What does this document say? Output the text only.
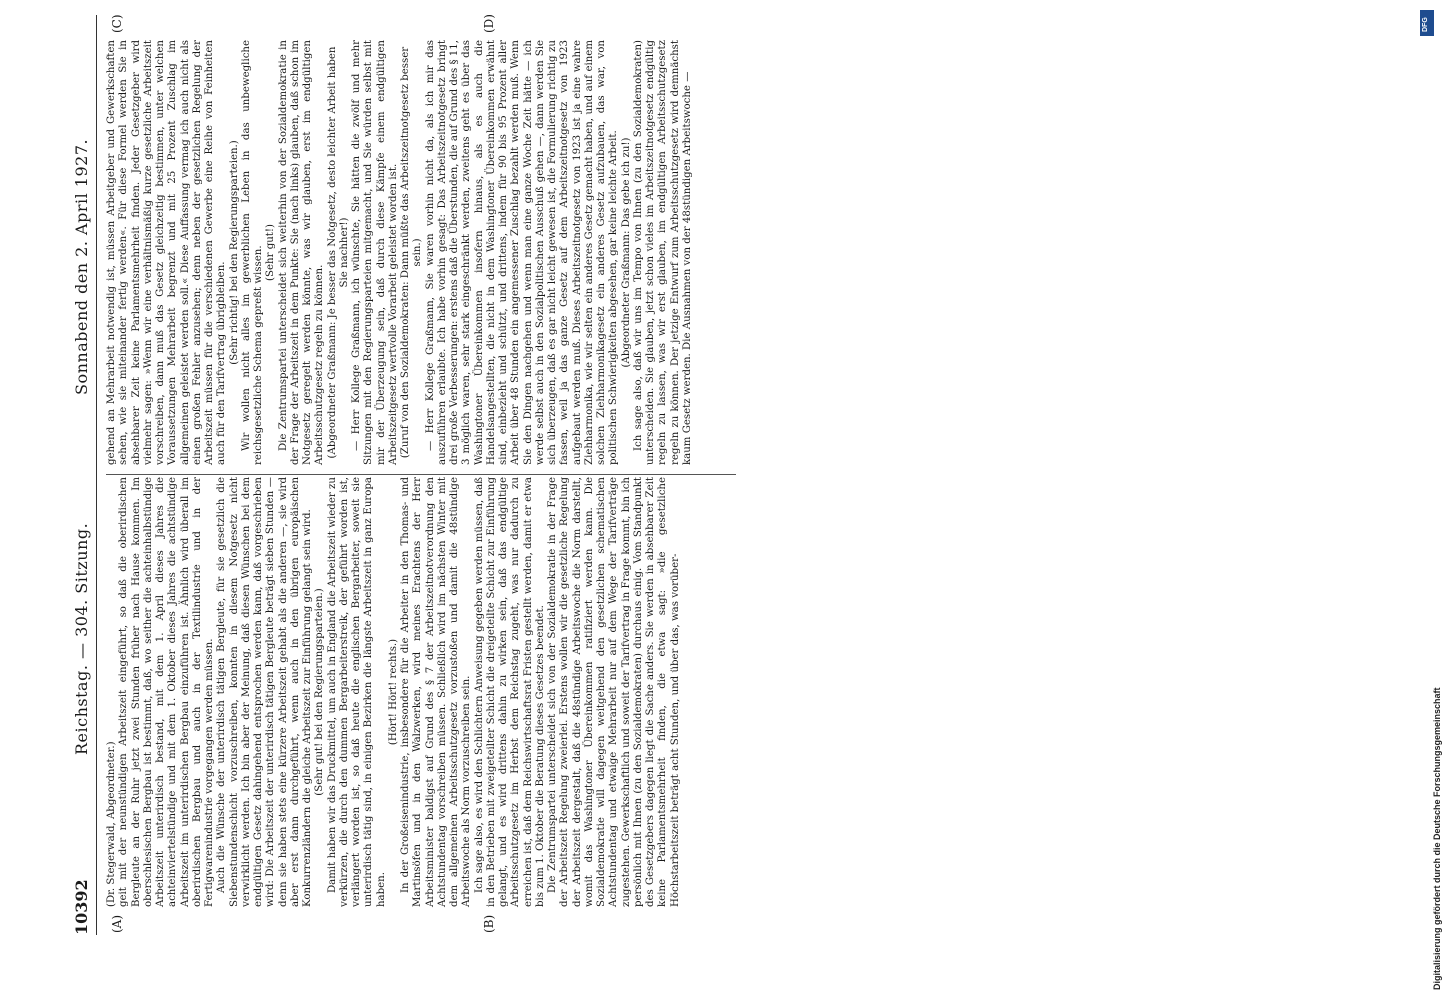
10392
Reichstag. — 304. Sitzung.
Sonnabend den 2. April 1927.
(A)	(B)
(C)	(D)

(Dr. Stegerwald, Abgeordneter.) geit mit der neunstündigen Arbeitszeit eingeführt, so daß die oberirdischen Bergleute an der Ruhr jetzt zwei Stunden früher nach Hause kommen. Im oberschlesischen Bergbau ist bestimmt, daß, wo seither die achteinhalbstündige Arbeitszeit unterirdisch bestand, mit dem 1. April dieses Jahres die achteinviertelstündige und mit dem 1. Oktober dieses Jahres die achtstündige Arbeitszeit im unterirdischen Bergbau einzuführen ist. Ähnlich wird überall im oberirdischen Bergbau und auch in der Textilindustrie und in der Fertigwarenindustrie vorgegangen werden müssen. Auch die Wünsche der unterirdisch tätigen Bergleute, für sie gesetzlich die Siebenstundenschicht vorzuschreiben, konnten in diesem Notgesetz nicht verwirklicht werden. Ich bin aber der Meinung, daß diesen Wünschen bei dem endgültigen Gesetz dahingehend entsprochen werden kann, daß vorgeschrieben wird: Die Arbeitszeit der unterirdisch tätigen Bergleute beträgt sieben Stunden — denn sie haben stets eine kürzere Arbeitszeit gehabt als die anderen —, sie wird aber erst dann durchgeführt, wenn auch in den übrigen europäischen Konkurrenzländern die gleiche Arbeitszeit zur Einführung gelangt sein wird. (Sehr gut! bei den Regierungsparteien.) Damit haben wir das Druckmittel, um auch in England die Arbeitszeit wieder zu verkürzen, die durch den dummen Bergarbeiterstreik, der geführt worden ist, verlängert worden ist, so daß heute die englischen Bergarbeiter, soweit sie unterirdisch tätig sind, in einigen Bezirken die längste Arbeitszeit in ganz Europa haben.

(Hört! Hört! rechts.) In der Großeisenindustrie, insbesondere für die Arbeiter in den Thomas- und Martinsöfen und in den Walzwerken, wird meines Erachtens der Herr Arbeitsminister baldigst auf Grund des § 7 der Arbeitszeitnotverordnung den Achtstundentag vorschreiben müssen. Schließlich wird im nächsten Winter mit dem allgemeinen Arbeitsschutzgesetz vorzustoßen und damit die 48stündige Arbeitswoche als Norm vorzuschreiben sein. Ich sage also, es wird den Schlichtern Anweisung gegeben werden müssen, daß in den Betrieben mit zweigeteilter Schicht die dreigeteilte Schicht zur Einführung gelangt, und es wird drittens dahin zu wirken sein, daß das endgültige Arbeitsschutzgesetz im Herbst dem Reichstag zugeht, was nur dadurch zu erreichen ist, daß dem Reichswirtschaftsrat Fristen gestellt werden, damit er etwa bis zum 1. Oktober die Beratung dieses Gesetzes beendet. Die Zentrumspartei unterscheidet sich von der Sozialdemokratie in der Frage der Arbeitszeit Regelung zweierlei. Erstens wollen wir die gesetzliche Regelung der Arbeitszeit dergestalt, daß die 48stündige Arbeitswoche die Norm darstellt, womit das Washingtoner Übereinkommen ratifiziert werden kann. Die Sozialdemokratie will dagegen weitgehend den gesetzlichen schematischen Achtstundentag und etwaige Mehrarbeit nur auf dem Wege der Tarifverträge zugestehen. Gewerkschaftlich und soweit der Tarifvertrag in Frage kommt, bin ich persönlich mit Ihnen (zu den Sozialdemokraten) durchaus einig. Vom Standpunkt des Gesetzgebers dagegen liegt die Sache anders. Sie werden in absehbarer Zeit keine Parlamentsmehrheit finden, die etwa sagt: »die gesetzliche Höchstarbeitszeit beträgt acht Stunden, und über das, was vorüber-

gehend an Mehrarbeit notwendig ist, müssen Arbeitgeber und Gewerkschaften sehen, wie sie miteinander fertig werden«. Für diese Formel werden Sie in absehbarer Zeit keine Parlamentsmehrheit finden. Jeder Gesetzgeber wird vielmehr sagen: »Wenn wir eine verhältnismäßig kurze gesetzliche Arbeitszeit vorschreiben, dann muß das Gesetz gleichzeitig bestimmen, unter welchen Voraussetzungen Mehrarbeit begrenzt und mit 25 Prozent Zuschlag im allgemeinen geleistet werden soll.« Diese Auffassung vermag ich auch nicht als einen großen Fehler anzusehen; denn neben der gesetzlichen Regelung der Arbeitszeit müssen für die verschiedenen Gewerbe eine Reihe von Feinheiten auch für den Tarifvertrag übrigbleiben. (Sehr richtig! bei den Regierungsparteien.) Wir wollen nicht alles im gewerblichen Leben in das unbewegliche reichsgesetzliche Schema gepreßt wissen. (Sehr gut!) Die Zentrumspartei unterscheidet sich weiterhin von der Sozialdemokratie in der Frage der Arbeitszeit in dem Punkte: Sie (nach links) glauben, daß schon im Notgesetz geregelt werden könnte, was wir glauben, erst im endgültigen Arbeitsschutzgesetz regeln zu können. (Abgeordneter Graßmann: Je besser das Notgesetz, desto leichter Arbeit haben Sie nachher!) — Herr Kollege Graßmann, ich wünschte, Sie hätten die zwölf und mehr Sitzungen mit den Regierungsparteien mitgemacht, und Sie würden selbst mit mir der Überzeugung sein, daß durch diese Kämpfe einem endgültigen Arbeitszeitgesetz wertvolle Vorarbeit geleistet worden ist. (Zuruf von den Sozialdemokraten: Dann müßte das Arbeitszeitnotgesetz besser sein.) — Herr Kollege Graßmann, Sie waren vorhin nicht da, als ich mir das auszuführen erlaubte. Ich habe vorhin gesagt: Das Arbeitszeitnotgesetz bringt drei große Verbesserungen: erstens daß die Überstunden, die auf Grund des § 11, 3 möglich waren, sehr stark eingeschränkt werden, zweitens geht es über das Washingtoner Übereinkommen insofern hinaus, als es auch die Handelsangestellten, die nicht in dem Washingtoner Übereinkommen erwähnt sind, einbezieht und schützt, und drittens, indem für 90 bis 95 Prozent aller Arbeit über 48 Stunden ein angemessener Zuschlag bezahlt werden muß. Wenn Sie den Dingen nachgehen und wenn man eine ganze Woche Zeit hätte — ich werde selbst auch in den Sozialpolitischen Ausschuß gehen —, dann werden Sie sich überzeugen, daß es gar nicht leicht gewesen ist, die Formulierung richtig zu fassen, weil ja das ganze Gesetz auf dem Arbeitszeitnotgesetz von 1923 aufgebaut werden muß. Dieses Arbeitszeitnotgesetz von 1923 ist ja eine wahre Ziehharmonika, wie wir selten ein anderes Gesetz gemacht haben, und auf einem solchen Ziehharmonikagesetz ein anderes Gesetz aufzubauen, das war, von politischen Schwierigkeiten abgesehen, gar keine leichte Arbeit. (Abgeordneter Graßmann: Das gebe ich zu!) Ich sage also, daß wir uns im Tempo von Ihnen (zu den Sozialdemokraten) unterscheiden. Sie glauben, jetzt schon vieles im Arbeitszeitnotgesetz endgültig regeln zu lassen, was wir erst glauben, im endgültigen Arbeitsschutzgesetz regeln zu können. Der jetzige Entwurf zum Arbeitsschutzgesetz wird demnächst kaum Gesetz werden. Die Ausnahmen von der 48stündigen Arbeitswoche —

DFG
Digitalisierung gefördert durch die Deutsche Forschungsgemeinschaft
